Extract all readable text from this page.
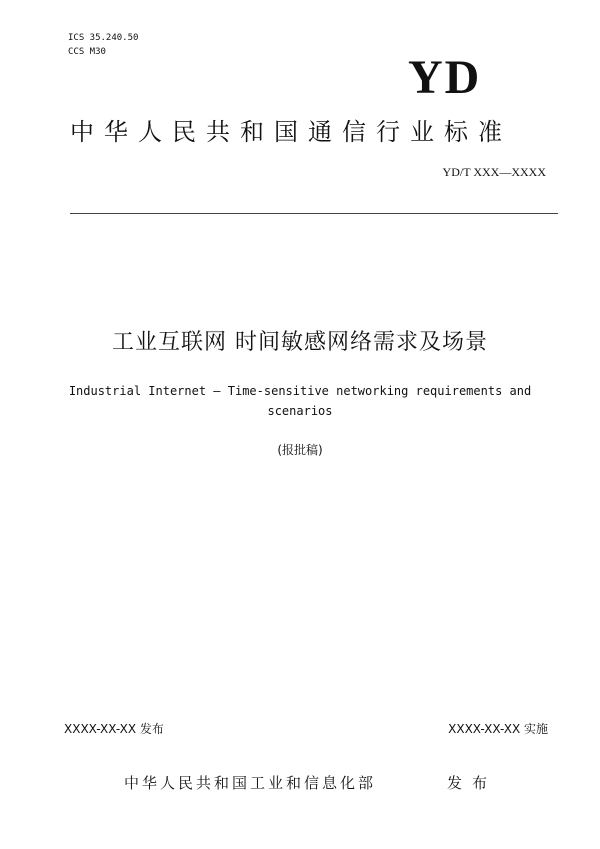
ICS 35.240.50
CCS M30	YD
中华人民共和国通信行业标准
YD/T XXX—XXXX
工业互联网 时间敏感网络需求及场景
Industrial Internet — Time-sensitive networking requirements and
scenarios
(报批稿)
XXXX-XX-XX 发布	XXXX-XX-XX 实施
中华人民共和国工业和信息化部	发布
